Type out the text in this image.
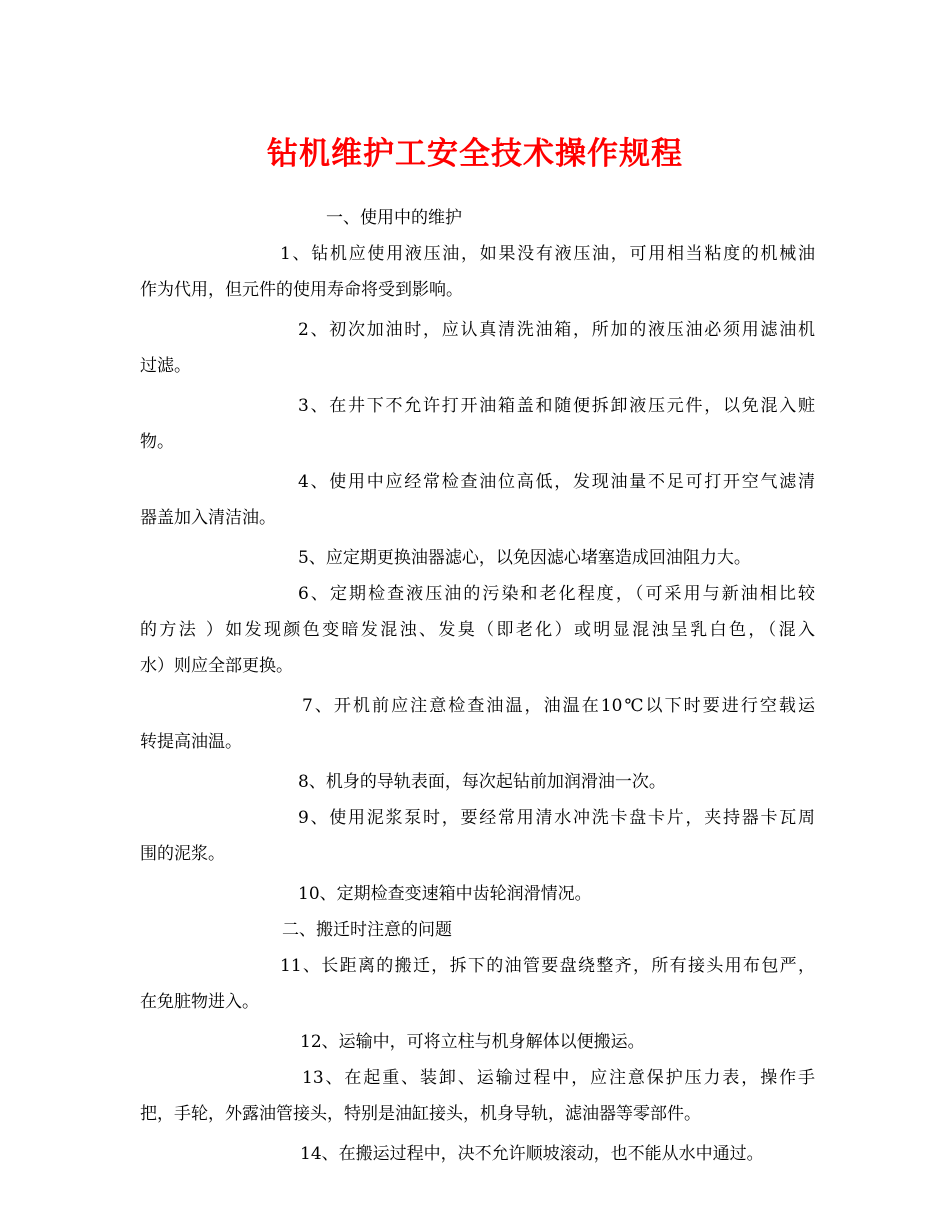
钻机维护工安全技术操作规程
一、使用中的维护
1、钻机应使用液压油，如果没有液压油，可用相当粘度的机械油
作为代用，但元件的使用寿命将受到影响。
2、初次加油时，应认真清洗油箱，所加的液压油必须用滤油机
过滤。
3、在井下不允许打开油箱盖和随便拆卸液压元件，以免混入赃
物。
4、使用中应经常检查油位高低，发现油量不足可打开空气滤清
器盖加入清洁油。
5、应定期更换油器滤心，以免因滤心堵塞造成回油阻力大。
6、定期检查液压油的污染和老化程度，（可采用与新油相比较
的方法 ）如发现颜色变暗发混浊、发臭（即老化）或明显混浊呈乳白色，（混入
水）则应全部更换。
7、开机前应注意检查油温，油温在10℃以下时要进行空载运
转提高油温。
8、机身的导轨表面，每次起钻前加润滑油一次。
9、使用泥浆泵时，要经常用清水冲洗卡盘卡片，夹持器卡瓦周
围的泥浆。
10、定期检查变速箱中齿轮润滑情况。
二、搬迁时注意的问题
11、长距离的搬迁，拆下的油管要盘绕整齐，所有接头用布包严，
在免脏物进入。
12、运输中，可将立柱与机身解体以便搬运。
13、在起重、装卸、运输过程中，应注意保护压力表，操作手
把，手轮，外露油管接头，特别是油缸接头，机身导轨，滤油器等零部件。
14、在搬运过程中，决不允许顺坡滚动，也不能从水中通过。
